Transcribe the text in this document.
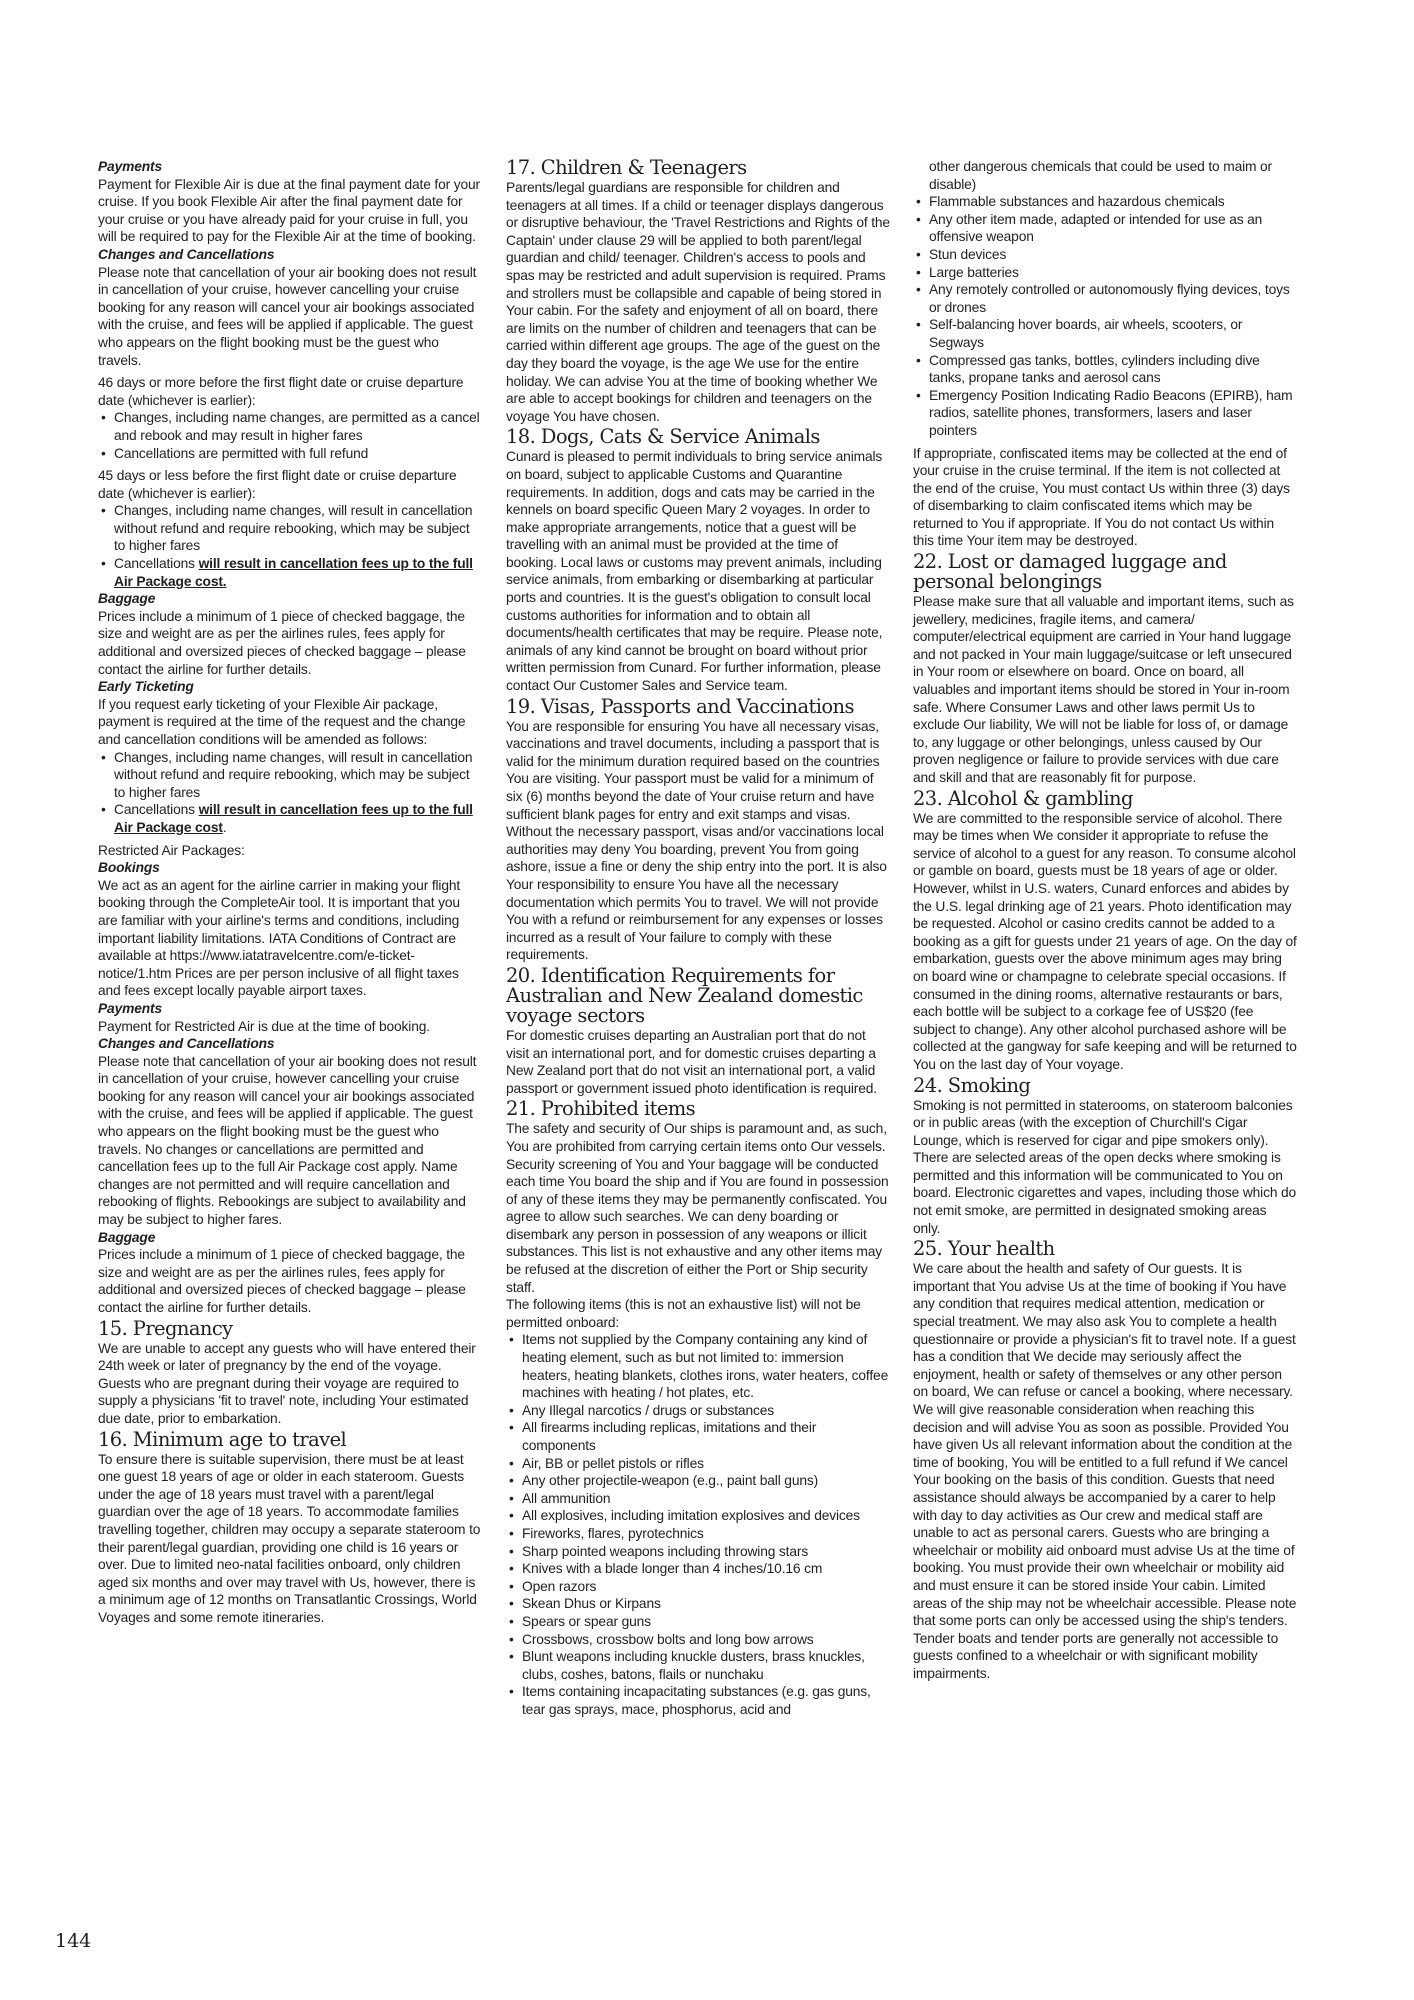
Payments

Payment for Flexible Air is due at the final payment date for your cruise. If you book Flexible Air after the final payment date for your cruise or you have already paid for your cruise in full, you will be required to pay for the Flexible Air at the time of booking.

Changes and Cancellations

Please note that cancellation of your air booking does not result in cancellation of your cruise, however cancelling your cruise booking for any reason will cancel your air bookings associated with the cruise, and fees will be applied if applicable. The guest who appears on the flight booking must be the guest who travels.

46 days or more before the first flight date or cruise departure date (whichever is earlier):

• Changes, including name changes, are permitted as a cancel and rebook and may result in higher fares
• Cancellations are permitted with full refund

45 days or less before the first flight date or cruise departure date (whichever is earlier):

• Changes, including name changes, will result in cancellation without refund and require rebooking, which may be subject to higher fares
• Cancellations will result in cancellation fees up to the full Air Package cost.
Baggage

Prices include a minimum of 1 piece of checked baggage, the size and weight are as per the airlines rules, fees apply for additional and oversized pieces of checked baggage – please contact the airline for further details.

Early Ticketing

If you request early ticketing of your Flexible Air package, payment is required at the time of the request and the change and cancellation conditions will be amended as follows:

• Changes, including name changes, will result in cancellation without refund and require rebooking, which may be subject to higher fares
• Cancellations will result in cancellation fees up to the full Air Package cost.

Restricted Air Packages:

Bookings

We act as an agent for the airline carrier in making your flight booking through the CompleteAir tool. It is important that you are familiar with your airline's terms and conditions, including important liability limitations. IATA Conditions of Contract are available at https://www.iatatravelcentre.com/e-ticket-notice/1.htm Prices are per person inclusive of all flight taxes and fees except locally payable airport taxes.

Payments

Payment for Restricted Air is due at the time of booking.

Changes and Cancellations

Please note that cancellation of your air booking does not result in cancellation of your cruise, however cancelling your cruise booking for any reason will cancel your air bookings associated with the cruise, and fees will be applied if applicable. The guest who appears on the flight booking must be the guest who travels. No changes or cancellations are permitted and cancellation fees up to the full Air Package cost apply. Name changes are not permitted and will require cancellation and rebooking of flights. Rebookings are subject to availability and may be subject to higher fares.

Baggage

Prices include a minimum of 1 piece of checked baggage, the size and weight are as per the airlines rules, fees apply for additional and oversized pieces of checked baggage – please contact the airline for further details.

15. Pregnancy

We are unable to accept any guests who will have entered their 24th week or later of pregnancy by the end of the voyage. Guests who are pregnant during their voyage are required to supply a physicians 'fit to travel' note, including Your estimated due date, prior to embarkation.

16. Minimum age to travel

To ensure there is suitable supervision, there must be at least one guest 18 years of age or older in each stateroom. Guests under the age of 18 years must travel with a parent/legal guardian over the age of 18 years. To accommodate families travelling together, children may occupy a separate stateroom to their parent/legal guardian, providing one child is 16 years or over. Due to limited neo-natal facilities onboard, only children aged six months and over may travel with Us, however, there is a minimum age of 12 months on Transatlantic Crossings, World Voyages and some remote itineraries.

17. Children & Teenagers

Parents/legal guardians are responsible for children and teenagers at all times. If a child or teenager displays dangerous or disruptive behaviour, the 'Travel Restrictions and Rights of the Captain' under clause 29 will be applied to both parent/legal guardian and child/ teenager. Children's access to pools and spas may be restricted and adult supervision is required. Prams and strollers must be collapsible and capable of being stored in Your cabin. For the safety and enjoyment of all on board, there are limits on the number of children and teenagers that can be carried within different age groups. The age of the guest on the day they board the voyage, is the age We use for the entire holiday. We can advise You at the time of booking whether We are able to accept bookings for children and teenagers on the voyage You have chosen.

18. Dogs, Cats & Service Animals

Cunard is pleased to permit individuals to bring service animals on board, subject to applicable Customs and Quarantine requirements. In addition, dogs and cats may be carried in the kennels on board specific Queen Mary 2 voyages. In order to make appropriate arrangements, notice that a guest will be travelling with an animal must be provided at the time of booking. Local laws or customs may prevent animals, including service animals, from embarking or disembarking at particular ports and countries. It is the guest's obligation to consult local customs authorities for information and to obtain all documents/health certificates that may be require. Please note, animals of any kind cannot be brought on board without prior written permission from Cunard. For further information, please contact Our Customer Sales and Service team.

19. Visas, Passports and Vaccinations

You are responsible for ensuring You have all necessary visas, vaccinations and travel documents, including a passport that is valid for the minimum duration required based on the countries You are visiting. Your passport must be valid for a minimum of six (6) months beyond the date of Your cruise return and have sufficient blank pages for entry and exit stamps and visas. Without the necessary passport, visas and/or vaccinations local authorities may deny You boarding, prevent You from going ashore, issue a fine or deny the ship entry into the port. It is also Your responsibility to ensure You have all the necessary documentation which permits You to travel. We will not provide You with a refund or reimbursement for any expenses or losses incurred as a result of Your failure to comply with these requirements.

20. Identification Requirements for Australian and New Zealand domestic voyage sectors

For domestic cruises departing an Australian port that do not visit an international port, and for domestic cruises departing a New Zealand port that do not visit an international port, a valid passport or government issued photo identification is required.

21. Prohibited items

The safety and security of Our ships is paramount and, as such, You are prohibited from carrying certain items onto Our vessels. Security screening of You and Your baggage will be conducted each time You board the ship and if You are found in possession of any of these items they may be permanently confiscated. You agree to allow such searches. We can deny boarding or disembark any person in possession of any weapons or illicit substances. This list is not exhaustive and any other items may be refused at the discretion of either the Port or Ship security staff.

The following items (this is not an exhaustive list) will not be permitted onboard:

• Items not supplied by the Company containing any kind of heating element, such as but not limited to: immersion heaters, heating blankets, clothes irons, water heaters, coffee machines with heating / hot plates, etc.
• Any Illegal narcotics / drugs or substances
• All firearms including replicas, imitations and their components
• Air, BB or pellet pistols or rifles
• Any other projectile-weapon (e.g., paint ball guns)
• All ammunition
• All explosives, including imitation explosives and devices
• Fireworks, flares, pyrotechnics
• Sharp pointed weapons including throwing stars
• Knives with a blade longer than 4 inches/10.16 cm
• Open razors
• Skean Dhus or Kirpans
• Spears or spear guns
• Crossbows, crossbow bolts and long bow arrows
• Blunt weapons including knuckle dusters, brass knuckles, clubs, coshes, batons, flails or nunchaku
• Items containing incapacitating substances (e.g. gas guns, tear gas sprays, mace, phosphorus, acid and
other dangerous chemicals that could be used to maim or disable)
• Flammable substances and hazardous chemicals
• Any other item made, adapted or intended for use as an offensive weapon
• Stun devices
• Large batteries
• Any remotely controlled or autonomously flying devices, toys or drones
• Self-balancing hover boards, air wheels, scooters, or Segways
• Compressed gas tanks, bottles, cylinders including dive tanks, propane tanks and aerosol cans
• Emergency Position Indicating Radio Beacons (EPIRB), ham radios, satellite phones, transformers, lasers and laser pointers

If appropriate, confiscated items may be collected at the end of your cruise in the cruise terminal. If the item is not collected at the end of the cruise, You must contact Us within three (3) days of disembarking to claim confiscated items which may be returned to You if appropriate. If You do not contact Us within this time Your item may be destroyed.

22. Lost or damaged luggage and personal belongings

Please make sure that all valuable and important items, such as jewellery, medicines, fragile items, and camera/ computer/electrical equipment are carried in Your hand luggage and not packed in Your main luggage/suitcase or left unsecured in Your room or elsewhere on board. Once on board, all valuables and important items should be stored in Your in-room safe. Where Consumer Laws and other laws permit Us to exclude Our liability, We will not be liable for loss of, or damage to, any luggage or other belongings, unless caused by Our proven negligence or failure to provide services with due care and skill and that are reasonably fit for purpose.

23. Alcohol & gambling

We are committed to the responsible service of alcohol. There may be times when We consider it appropriate to refuse the service of alcohol to a guest for any reason. To consume alcohol or gamble on board, guests must be 18 years of age or older. However, whilst in U.S. waters, Cunard enforces and abides by the U.S. legal drinking age of 21 years. Photo identification may be requested. Alcohol or casino credits cannot be added to a booking as a gift for guests under 21 years of age. On the day of embarkation, guests over the above minimum ages may bring on board wine or champagne to celebrate special occasions. If consumed in the dining rooms, alternative restaurants or bars, each bottle will be subject to a corkage fee of US$20 (fee subject to change). Any other alcohol purchased ashore will be collected at the gangway for safe keeping and will be returned to You on the last day of Your voyage.

24. Smoking

Smoking is not permitted in staterooms, on stateroom balconies or in public areas (with the exception of Churchill's Cigar Lounge, which is reserved for cigar and pipe smokers only). There are selected areas of the open decks where smoking is permitted and this information will be communicated to You on board. Electronic cigarettes and vapes, including those which do not emit smoke, are permitted in designated smoking areas only.

25. Your health

We care about the health and safety of Our guests. It is important that You advise Us at the time of booking if You have any condition that requires medical attention, medication or special treatment. We may also ask You to complete a health questionnaire or provide a physician's fit to travel note. If a guest has a condition that We decide may seriously affect the enjoyment, health or safety of themselves or any other person on board, We can refuse or cancel a booking, where necessary. We will give reasonable consideration when reaching this decision and will advise You as soon as possible. Provided You have given Us all relevant information about the condition at the time of booking, You will be entitled to a full refund if We cancel Your booking on the basis of this condition. Guests that need assistance should always be accompanied by a carer to help with day to day activities as Our crew and medical staff are unable to act as personal carers. Guests who are bringing a wheelchair or mobility aid onboard must advise Us at the time of booking. You must provide their own wheelchair or mobility aid and must ensure it can be stored inside Your cabin. Limited areas of the ship may not be wheelchair accessible. Please note that some ports can only be accessed using the ship's tenders. Tender boats and tender ports are generally not accessible to guests confined to a wheelchair or with significant mobility impairments.

144
